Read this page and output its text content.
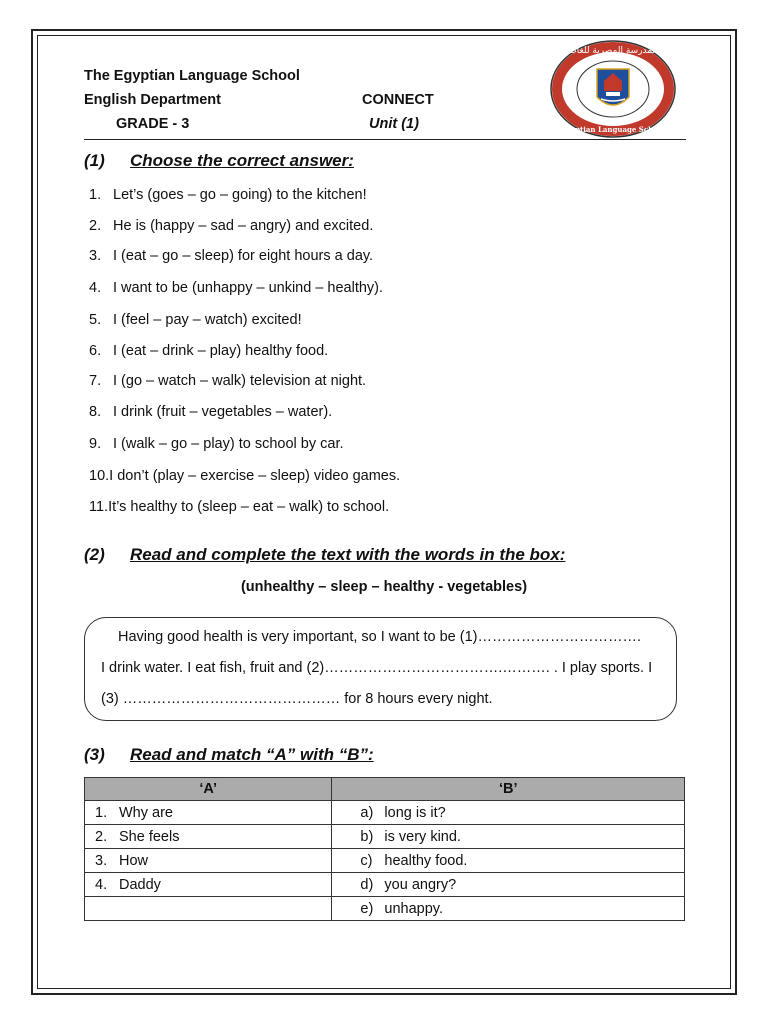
The Egyptian Language School
English Department
GRADE - 3
CONNECT
Unit (1)
المدرسة المصرية للغات
Egyptian Language School
(1) Choose the correct answer:
1. Let’s (goes – go – going) to the kitchen!
2. He is (happy – sad – angry) and excited.
3. I (eat – go – sleep) for eight hours a day.
4. I want to be (unhappy – unkind – healthy).
5. I (feel – pay – watch) excited!
6. I (eat – drink – play) healthy food.
7. I (go – watch – walk) television at night.
8. I drink (fruit – vegetables – water).
9. I (walk – go – play) to school by car.
10.I don’t (play – exercise – sleep) video games.
11.It’s healthy to (sleep – eat – walk) to school.
(2) Read and complete the text with the words in the box:
(unhealthy – sleep – healthy - vegetables)
Having good health is very important, so I want to be (1)…………………………….
I drink water. I eat fish, fruit and (2)……………………………….………. . I play sports. I
(3) ……………………………………… for 8 hours every night.
(3) Read and match “A” with “B”:
‘A’	‘B’
1. Why are	a) long is it?
2. She feels	b) is very kind.
3. How	c) healthy food.
4. Daddy	d) you angry?
	e) unhappy.
